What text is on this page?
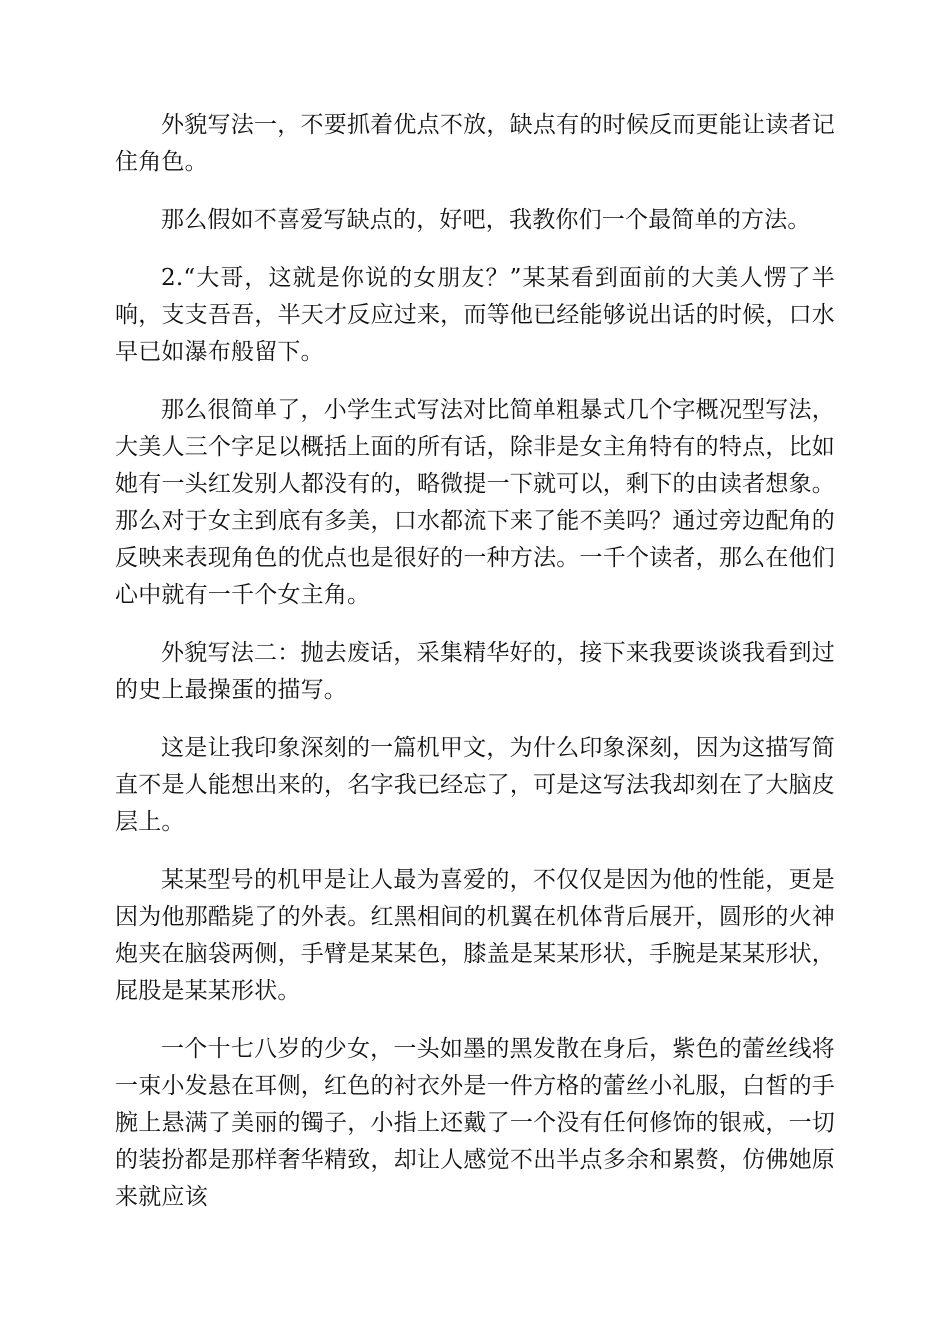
外貌写法一，不要抓着优点不放，缺点有的时候反而更能让读者记住角色。

那么假如不喜爱写缺点的，好吧，我教你们一个最简单的方法。

2.“大哥，这就是你说的女朋友？”某某看到面前的大美人愣了半响，支支吾吾，半天才反应过来，而等他已经能够说出话的时候，口水早已如瀑布般留下。

那么很简单了，小学生式写法对比简单粗暴式几个字概况型写法，大美人三个字足以概括上面的所有话，除非是女主角特有的特点，比如她有一头红发别人都没有的，略微提一下就可以，剩下的由读者想象。那么对于女主到底有多美，口水都流下来了能不美吗？通过旁边配角的反映来表现角色的优点也是很好的一种方法。一千个读者，那么在他们心中就有一千个女主角。

外貌写法二：抛去废话，采集精华好的，接下来我要谈谈我看到过的史上最操蛋的描写。

这是让我印象深刻的一篇机甲文，为什么印象深刻，因为这描写简直不是人能想出来的，名字我已经忘了，可是这写法我却刻在了大脑皮层上。

某某型号的机甲是让人最为喜爱的，不仅仅是因为他的性能，更是因为他那酷毙了的外表。红黑相间的机翼在机体背后展开，圆形的火神炮夹在脑袋两侧，手臂是某某色，膝盖是某某形状，手腕是某某形状，屁股是某某形状。

一个十七八岁的少女，一头如墨的黑发散在身后，紫色的蕾丝线将一束小发悬在耳侧，红色的衬衣外是一件方格的蕾丝小礼服，白皙的手腕上悬满了美丽的镯子，小指上还戴了一个没有任何修饰的银戒，一切的装扮都是那样奢华精致，却让人感觉不出半点多余和累赘，仿佛她原来就应该
